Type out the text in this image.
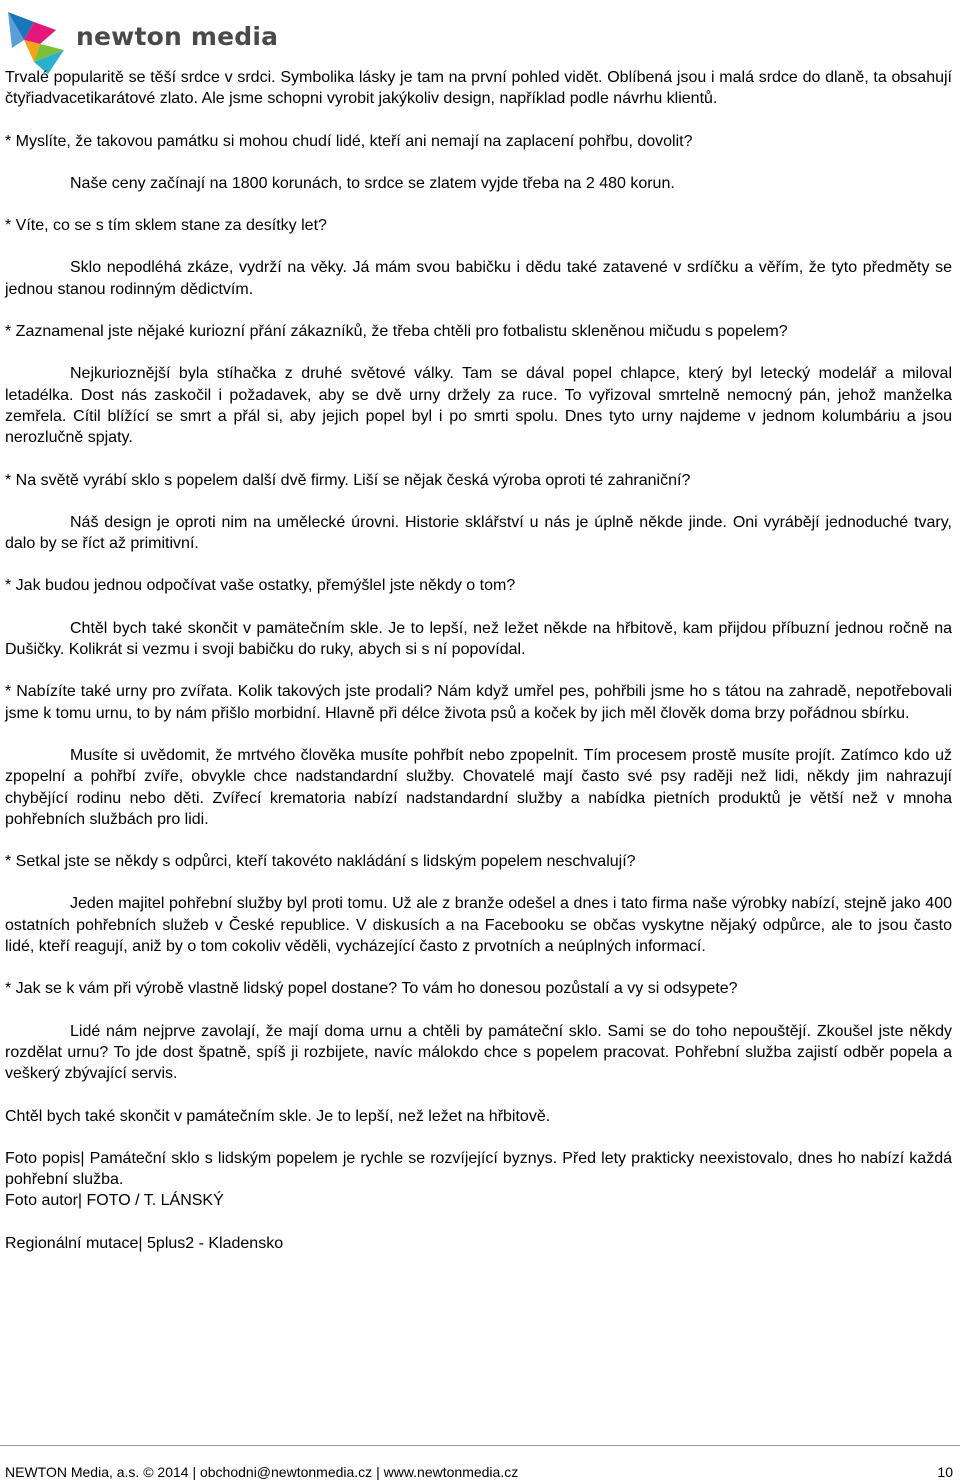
newton media

Trvalé popularitě se těší srdce v srdci. Symbolika lásky je tam na první pohled vidět. Oblíbená jsou i malá srdce do dlaně, ta obsahují čtyřiadvacetikarátové zlato. Ale jsme schopni vyrobit jakýkoliv design, například podle návrhu klientů.

* Myslíte, že takovou památku si mohou chudí lidé, kteří ani nemají na zaplacení pohřbu, dovolit?

Naše ceny začínají na 1800 korunách, to srdce se zlatem vyjde třeba na 2 480 korun.

* Víte, co se s tím sklem stane za desítky let?

Sklo nepodléhá zkáze, vydrží na věky. Já mám svou babičku i dědu také zatavené v srdíčku a věřím, že tyto předměty se jednou stanou rodinným dědictvím.

* Zaznamenal jste nějaké kuriozní přání zákazníků, že třeba chtěli pro fotbalistu skleněnou mičudu s popelem?

Nejkurioznější byla stíhačka z druhé světové války. Tam se dával popel chlapce, který byl letecký modelář a miloval letadélka. Dost nás zaskočil i požadavek, aby se dvě urny držely za ruce. To vyřizoval smrtelně nemocný pán, jehož manželka zemřela. Cítil blížící se smrt a přál si, aby jejich popel byl i po smrti spolu. Dnes tyto urny najdeme v jednom kolumbáriu a jsou nerozlučně spjaty.

* Na světě vyrábí sklo s popelem další dvě firmy. Liší se nějak česká výroba oproti té zahraniční?

Náš design je oproti nim na umělecké úrovni. Historie sklářství u nás je úplně někde jinde. Oni vyrábějí jednoduché tvary, dalo by se říct až primitivní.

* Jak budou jednou odpočívat vaše ostatky, přemýšlel jste někdy o tom?

Chtěl bych také skončit v pamätečním skle. Je to lepší, než ležet někde na hřbitově, kam přijdou příbuzní jednou ročně na Dušičky. Kolikrát si vezmu i svoji babičku do ruky, abych si s ní popovídal.

* Nabízíte také urny pro zvířata. Kolik takových jste prodali? Nám když umřel pes, pohřbili jsme ho s tátou na zahradě, nepotřebovali jsme k tomu urnu, to by nám přišlo morbidní. Hlavně při délce života psů a koček by jich měl člověk doma brzy pořádnou sbírku.

Musíte si uvědomit, že mrtvého člověka musíte pohřbít nebo zpopelnit. Tím procesem prostě musíte projít. Zatímco kdo už zpopelní a pohřbí zvíře, obvykle chce nadstandardní služby. Chovatelé mají často své psy raději než lidi, někdy jim nahrazují chybějící rodinu nebo děti. Zvířecí krematoria nabízí nadstandardní služby a nabídka pietních produktů je větší než v mnoha pohřebních službách pro lidi.

* Setkal jste se někdy s odpůrci, kteří takovéto nakládání s lidským popelem neschvalují?

Jeden majitel pohřební služby byl proti tomu. Už ale z branže odešel a dnes i tato firma naše výrobky nabízí, stejně jako 400 ostatních pohřebních služeb v České republice. V diskusích a na Facebooku se občas vyskytne nějaký odpůrce, ale to jsou často lidé, kteří reagují, aniž by o tom cokoliv věděli, vycházející často z prvotních a neúplných informací.

* Jak se k vám při výrobě vlastně lidský popel dostane? To vám ho donesou pozůstalí a vy si odsypete?

Lidé nám nejprve zavolají, že mají doma urnu a chtěli by památeční sklo. Sami se do toho nepouštějí. Zkoušel jste někdy rozdělat urnu? To jde dost špatně, spíš ji rozbijete, navíc málokdo chce s popelem pracovat. Pohřební služba zajistí odběr popela a veškerý zbývající servis.

Chtěl bych také skončit v památečním skle. Je to lepší, než ležet na hřbitově.

Foto popis| Památeční sklo s lidským popelem je rychle se rozvíjející byznys. Před lety prakticky neexistovalo, dnes ho nabízí každá pohřební služba.

Foto autor| FOTO / T. LÁNSKÝ

Regionální mutace| 5plus2 - Kladensko

NEWTON Media, a.s. © 2014 | obchodni@newtonmedia.cz | www.newtonmedia.cz	10
